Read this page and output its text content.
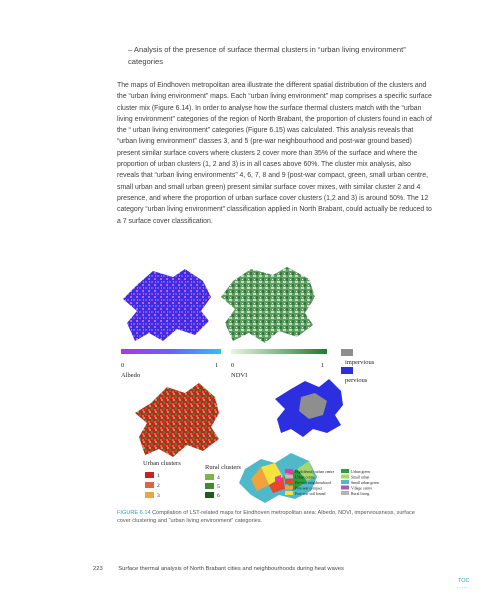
– Analysis of the presence of surface thermal clusters in “urban living environment” categories

The maps of Eindhoven metropolitan area illustrate the different spatial distribution of the clusters and the “urban living environment” maps. Each “urban living environment” map comprises a specific surface cluster mix (Figure 6.14). In order to analyse how the surface thermal clusters match with the “urban living environment” categories of the region of North Brabant, the proportion of clusters found in each of the “ urban living environment” categories (Figure 6.15) was calculated. This analysis reveals that “urban living environment” classes 3, and 5 (pre-war neighbourhood and post-war ground based) present similar surface covers where clusters 2 cover more than 35% of the surface and where the proportion of urban clusters (1, 2 and 3) is in all cases above 60%. The cluster mix analysis, also reveals that “urban living environments” 4, 6, 7, 8 and 9 (post-war compact, green, small urban centre, small urban and small urban green) present similar surface cover mixes, with similar cluster 2 and 4 presence, and where the proportion of urban surface cover clusters (1,2 and 3) is around 50%. The 12 category “urban living environment” classification applied in North Brabant, could actually be reduced to a 7 surface cover classification.

0	1
Albedo
0	1
NDVI
impervious
pervious
Urban clusters
1
2
3
Rural clusters
4
5
6
High density urban centre
Urban centre
Pre-war neighbourhood
Post-war compact
Post-war soil bound
Urban green
Small urban
Small urban green
Village centre
Rural living
FIGURE 6.14 Compilation of LST-related maps for Eindhoven metropolitan area: Albedo, NDVI, imperviousness, surface cover clustering and “urban living environment” categories.
223	Surface thermal analysis of North Brabant cities and neighbourhoods during heat waves
TOC
·····
